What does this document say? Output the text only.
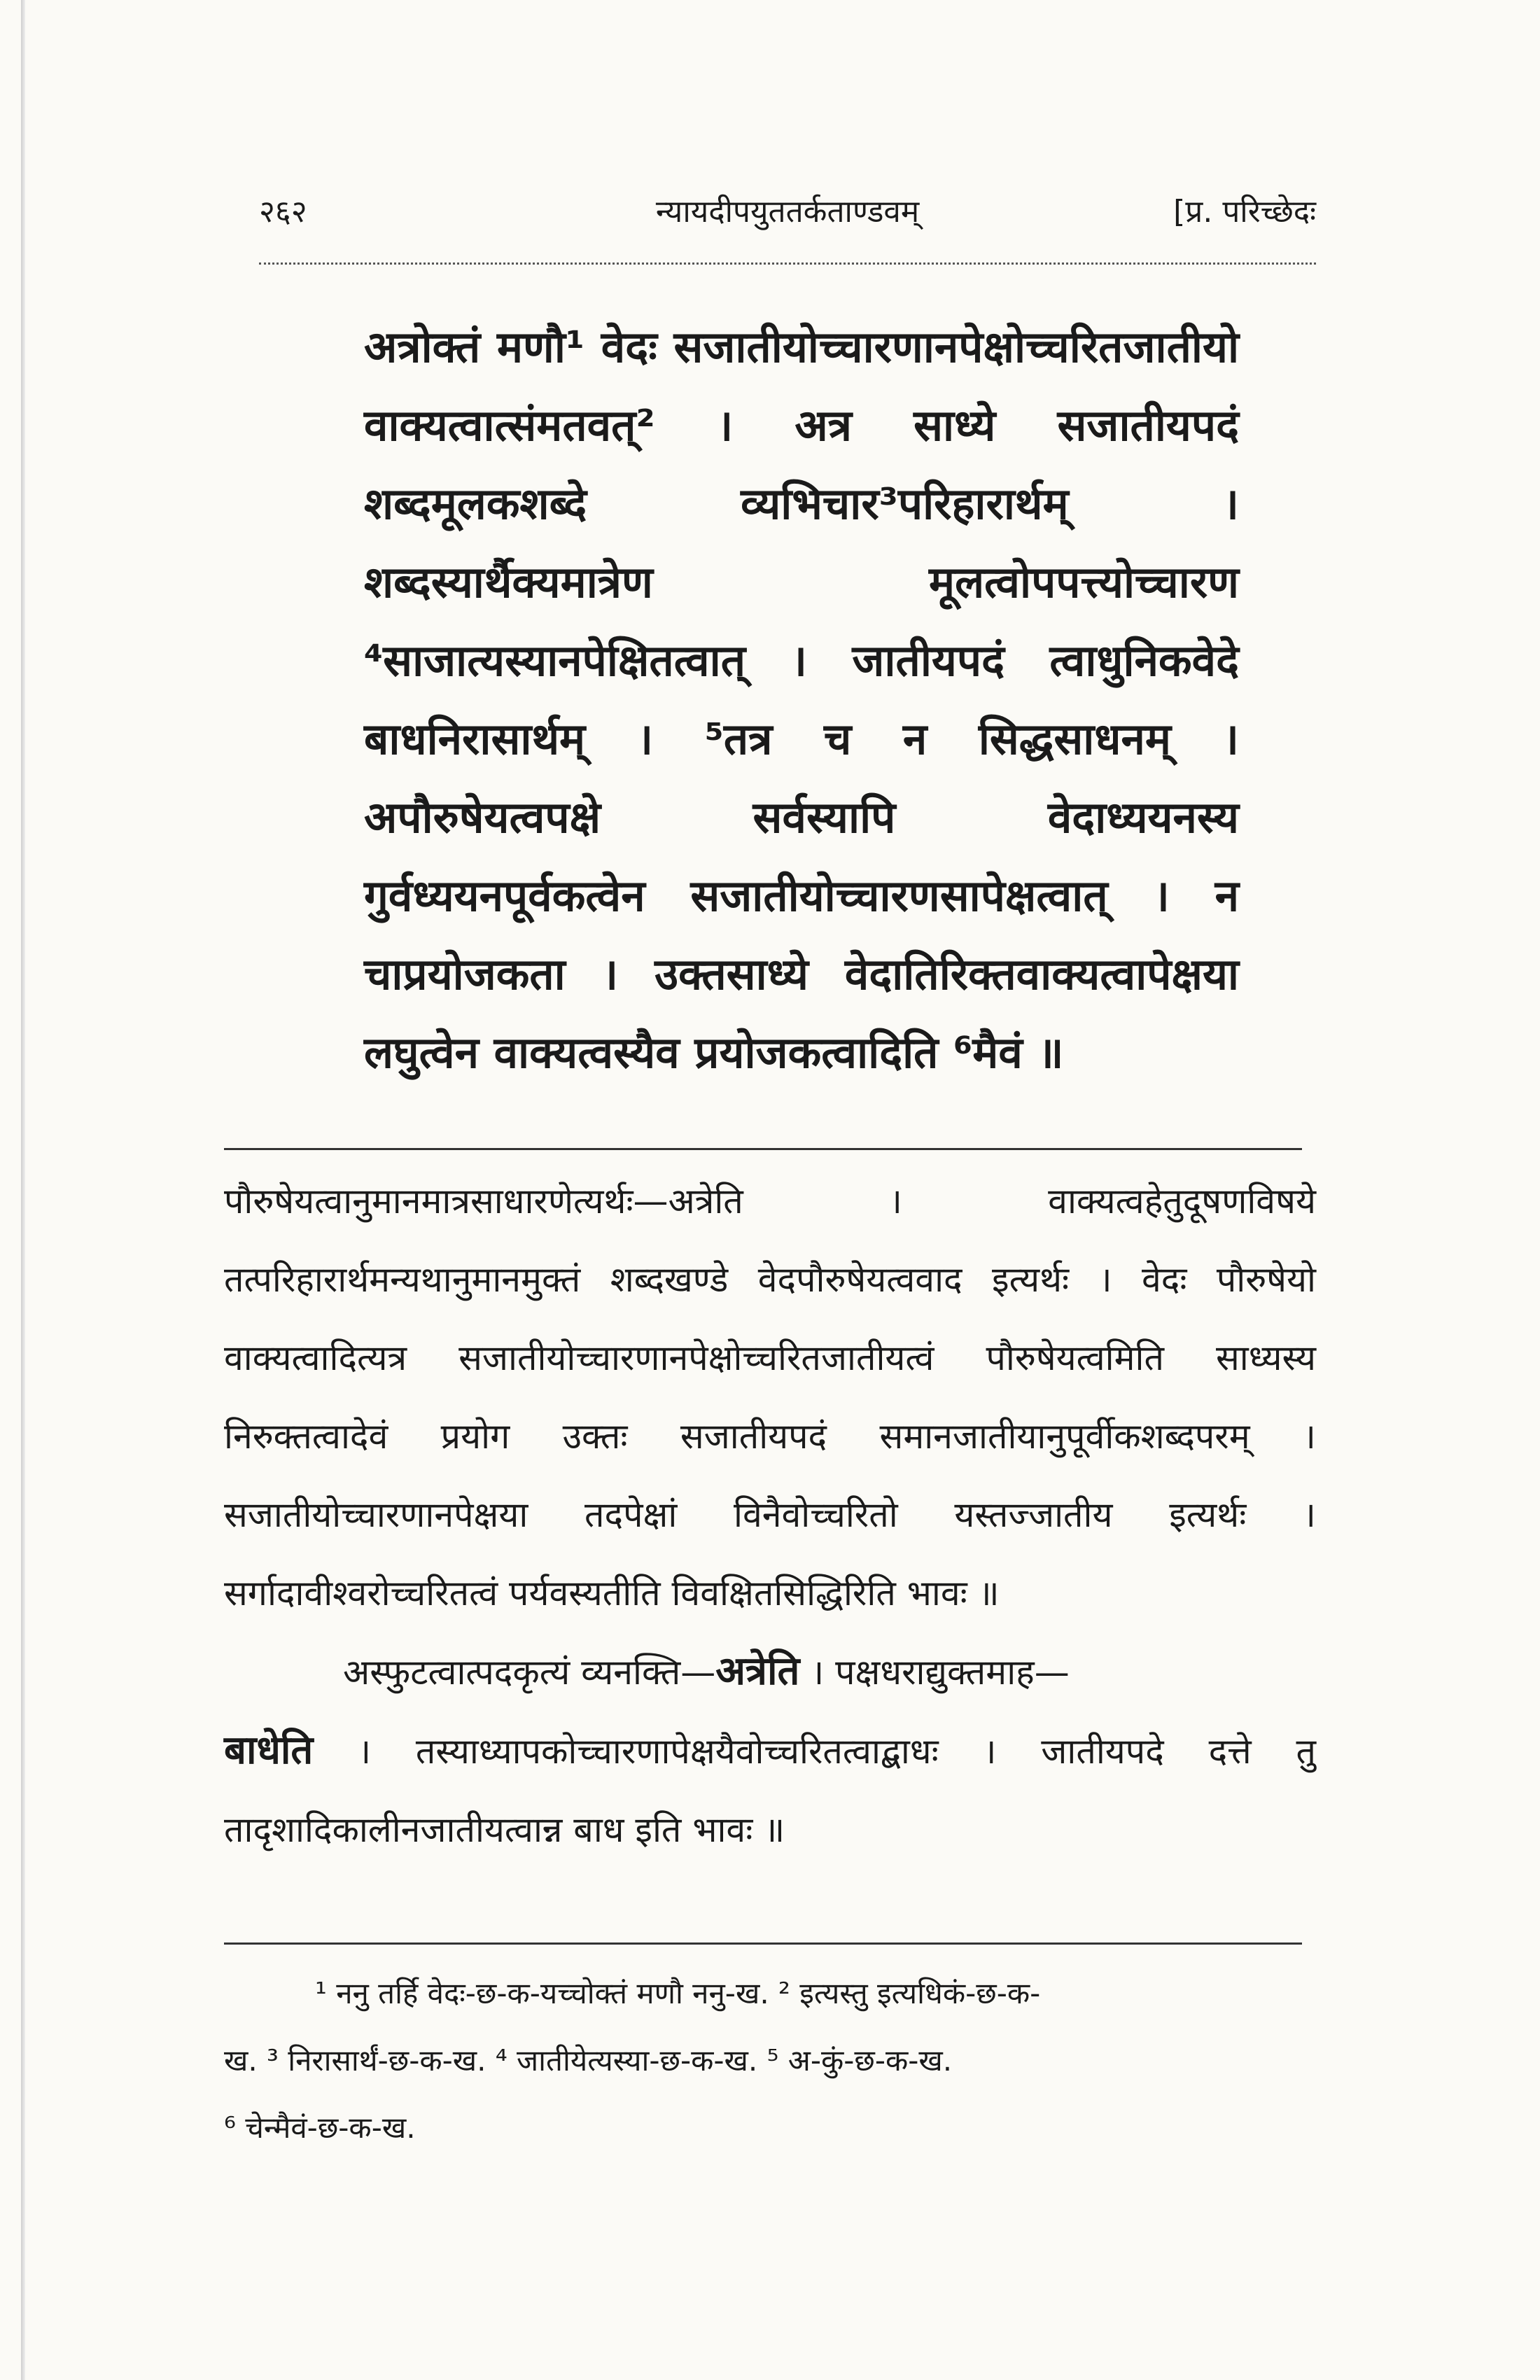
२६२	न्यायदीपयुततर्कताण्डवम्	[प्र. परिच्छेदः

अत्रोक्तं मणौ¹ वेदः सजातीयोच्चारणानपेक्षोच्चरितजातीयो वाक्यत्वात्संमतवत्² । अत्र साध्ये सजातीयपदं शब्दमूलकशब्दे व्यभिचार³परिहारार्थम् । शब्दस्यार्थैक्यमात्रेण मूलत्वोपपत्त्योच्चारण ⁴साजात्यस्यानपेक्षितत्वात् । जातीयपदं त्वाधुनिकवेदे बाधनिरासार्थम् । ⁵तत्र च न सिद्धसाधनम् । अपौरुषेयत्वपक्षे सर्वस्यापि वेदाध्ययनस्य गुर्वध्ययनपूर्वकत्वेन सजातीयोच्चारणसापेक्षत्वात् । न चाप्रयोजकता । उक्तसाध्ये वेदातिरिक्तवाक्यत्वापेक्षया लघुत्वेन वाक्यत्वस्यैव प्रयोजकत्वादिति ⁶मैवं ॥

पौरुषेयत्वानुमानमात्रसाधारणेत्यर्थः—अत्रेति । वाक्यत्वहेतुदूषणविषये तत्परिहारार्थमन्यथानुमानमुक्तं शब्दखण्डे वेदपौरुषेयत्ववाद इत्यर्थः । वेदः पौरुषेयो वाक्यत्वादित्यत्र सजातीयोच्चारणानपेक्षोच्चरितजातीयत्वं पौरुषेयत्वमिति साध्यस्य निरुक्तत्वादेवं प्रयोग उक्तः सजातीयपदं समानजातीयानुपूर्वीकशब्दपरम् । सजातीयोच्चारणानपेक्षया तदपेक्षां विनैवोच्चरितो यस्तज्जातीय इत्यर्थः । सर्गादावीश्वरोच्चरितत्वं पर्यवस्यतीति विवक्षितसिद्धिरिति भावः ॥

अस्फुटत्वात्पदकृत्यं व्यनक्ति—अत्रेति । पक्षधराद्युक्तमाह—
बाधेति । तस्याध्यापकोच्चारणापेक्षयैवोच्चरितत्वाद्बाधः । जातीयपदे दत्ते तु तादृशादिकालीनजातीयत्वान्न बाध इति भावः ॥

¹ ननु तर्हि वेदः-छ-क-यच्चोक्तं मणौ ननु-ख. ² इत्यस्तु इत्यधिकं-छ-क-

ख. ³ निरासार्थं-छ-क-ख. ⁴ जातीयेत्यस्या-छ-क-ख. ⁵ अ-कुं-छ-क-ख.

⁶ चेन्मैवं-छ-क-ख.
